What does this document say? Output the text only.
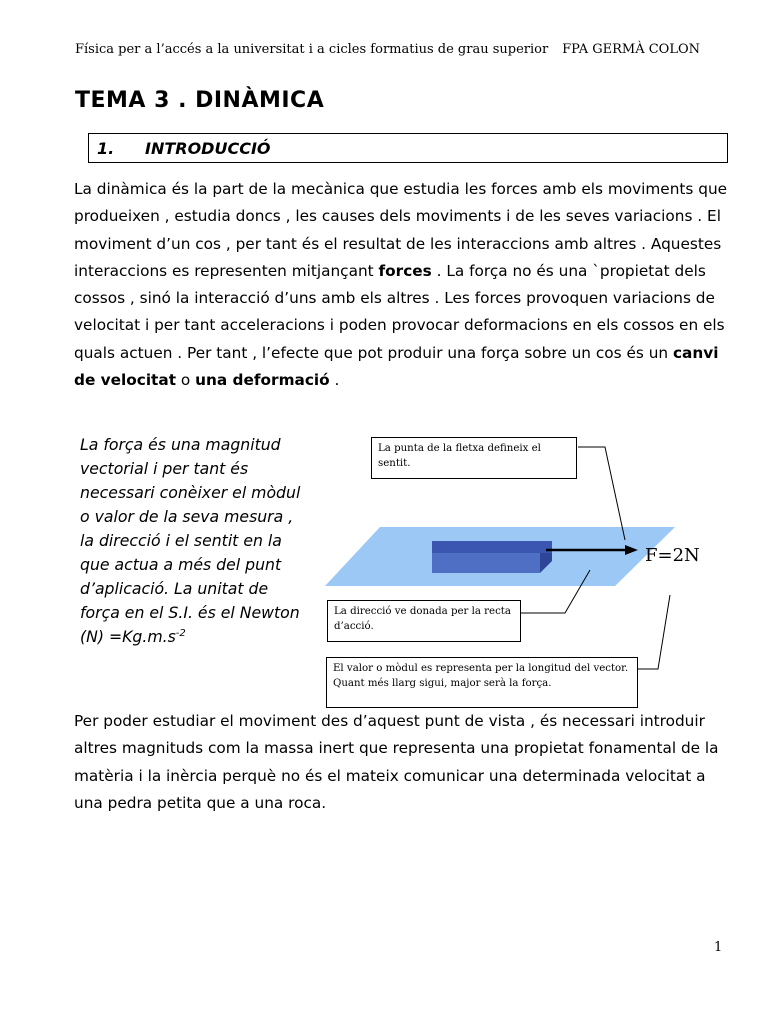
Física per a l’accés a la universitat i a cicles formatius de grau superior FPA GERMÀ COLON
TEMA 3 . DINÀMICA
1.	INTRODUCCIÓ

La dinàmica és la part de la mecànica que estudia les forces amb els moviments que produeixen , estudia doncs , les causes dels moviments i de les seves variacions . El moviment d’un cos , per tant és el resultat de les interaccions amb altres . Aquestes interaccions es representen mitjançant forces . La força no és una `propietat dels cossos , sinó la interacció d’uns amb els altres . Les forces provoquen variacions de velocitat i per tant acceleracions i poden provocar deformacions en els cossos en els quals actuen . Per tant , l’efecte que pot produir una força sobre un cos és un canvi de velocitat o una deformació .

La força és una magnitud vectorial i per tant és necessari conèixer el mòdul o valor de la seva mesura , la direcció i el sentit en la que actua a més del punt d’aplicació. La unitat de força en el S.I. és el Newton $(N) =Kg.m.s^{-2}$

La punta de la fletxa defineix el sentit.
La direcció ve donada per la recta d’acció.
El valor o mòdul es representa per la longitud del vector. Quant més llarg sigui, major serà la força.
F=2N

Per poder estudiar el moviment des d’aquest punt de vista , és necessari introduir altres magnituds com la massa inert que representa una propietat fonamental de la matèria i la inèrcia perquè no és el mateix comunicar una determinada velocitat a una pedra petita que a una roca.

1
